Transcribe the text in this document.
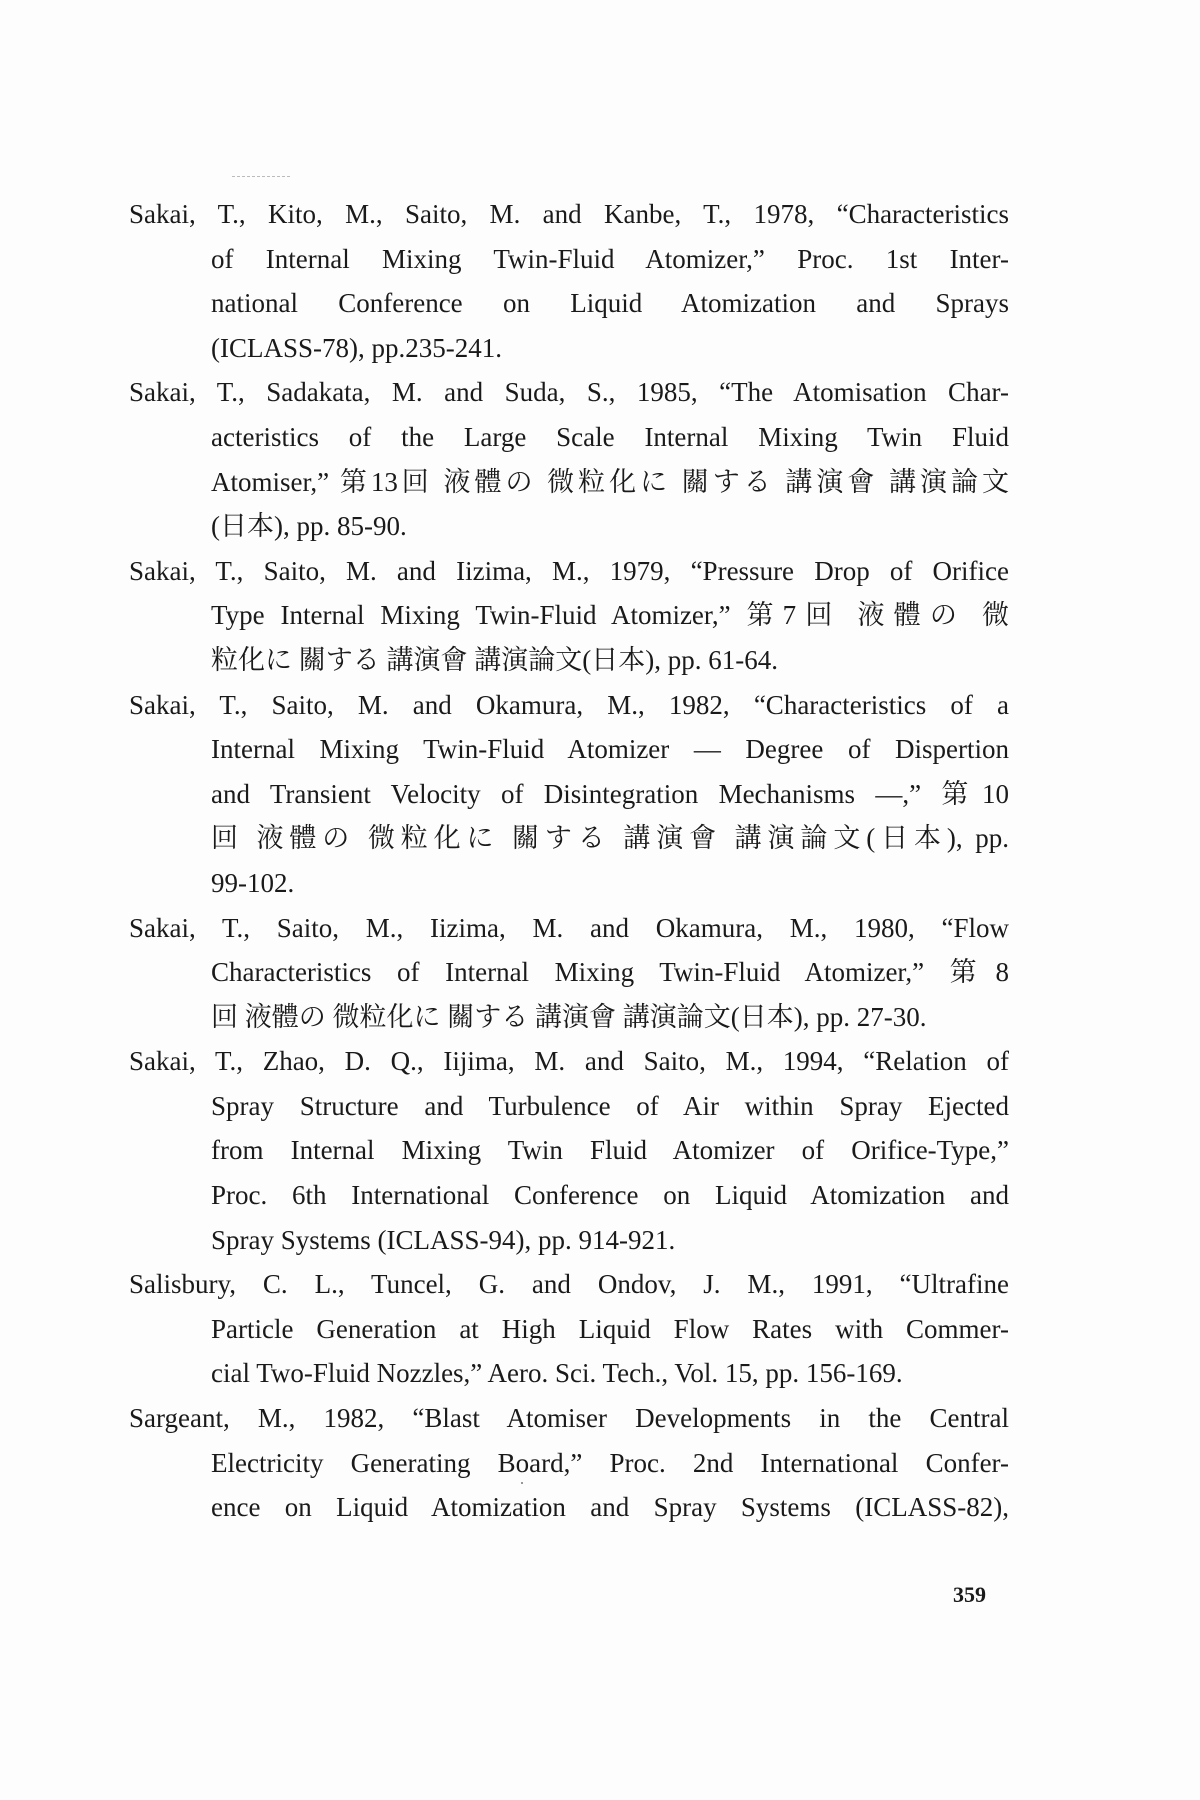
Sakai, T., Kito, M., Saito, M. and Kanbe, T., 1978, “Characteristics
of Internal Mixing Twin-Fluid Atomizer,” Proc. 1st Inter-
national Conference on Liquid Atomization and Sprays
(ICLASS-78), pp.235-241.
Sakai, T., Sadakata, M. and Suda, S., 1985, “The Atomisation Char-
acteristics of the Large Scale Internal Mixing Twin Fluid
Atomiser,” 第13回 液體の 微粒化に 關する 講演會 講演論文
(日本), pp. 85-90.
Sakai, T., Saito, M. and Iizima, M., 1979, “Pressure Drop of Orifice
Type Internal Mixing Twin-Fluid Atomizer,” 第7回 液體の 微
粒化に 關する 講演會 講演論文(日本), pp. 61-64.
Sakai, T., Saito, M. and Okamura, M., 1982, “Characteristics of a
Internal Mixing Twin-Fluid Atomizer — Degree of Dispertion
and Transient Velocity of Disintegration Mechanisms —,” 第10
回 液體の 微粒化に 關する 講演會 講演論文(日本), pp.
99-102.
Sakai, T., Saito, M., Iizima, M. and Okamura, M., 1980, “Flow
Characteristics of Internal Mixing Twin-Fluid Atomizer,” 第8
回 液體の 微粒化に 關する 講演會 講演論文(日本), pp. 27-30.
Sakai, T., Zhao, D. Q., Iijima, M. and Saito, M., 1994, “Relation of
Spray Structure and Turbulence of Air within Spray Ejected
from Internal Mixing Twin Fluid Atomizer of Orifice-Type,”
Proc. 6th International Conference on Liquid Atomization and
Spray Systems (ICLASS-94), pp. 914-921.
Salisbury, C. L., Tuncel, G. and Ondov, J. M., 1991, “Ultrafine
Particle Generation at High Liquid Flow Rates with Commer-
cial Two-Fluid Nozzles,” Aero. Sci. Tech., Vol. 15, pp. 156-169.
Sargeant, M., 1982, “Blast Atomiser Developments in the Central
Electricity Generating Board,” Proc. 2nd International Confer-
ence on Liquid Atomization and Spray Systems (ICLASS-82),
359
